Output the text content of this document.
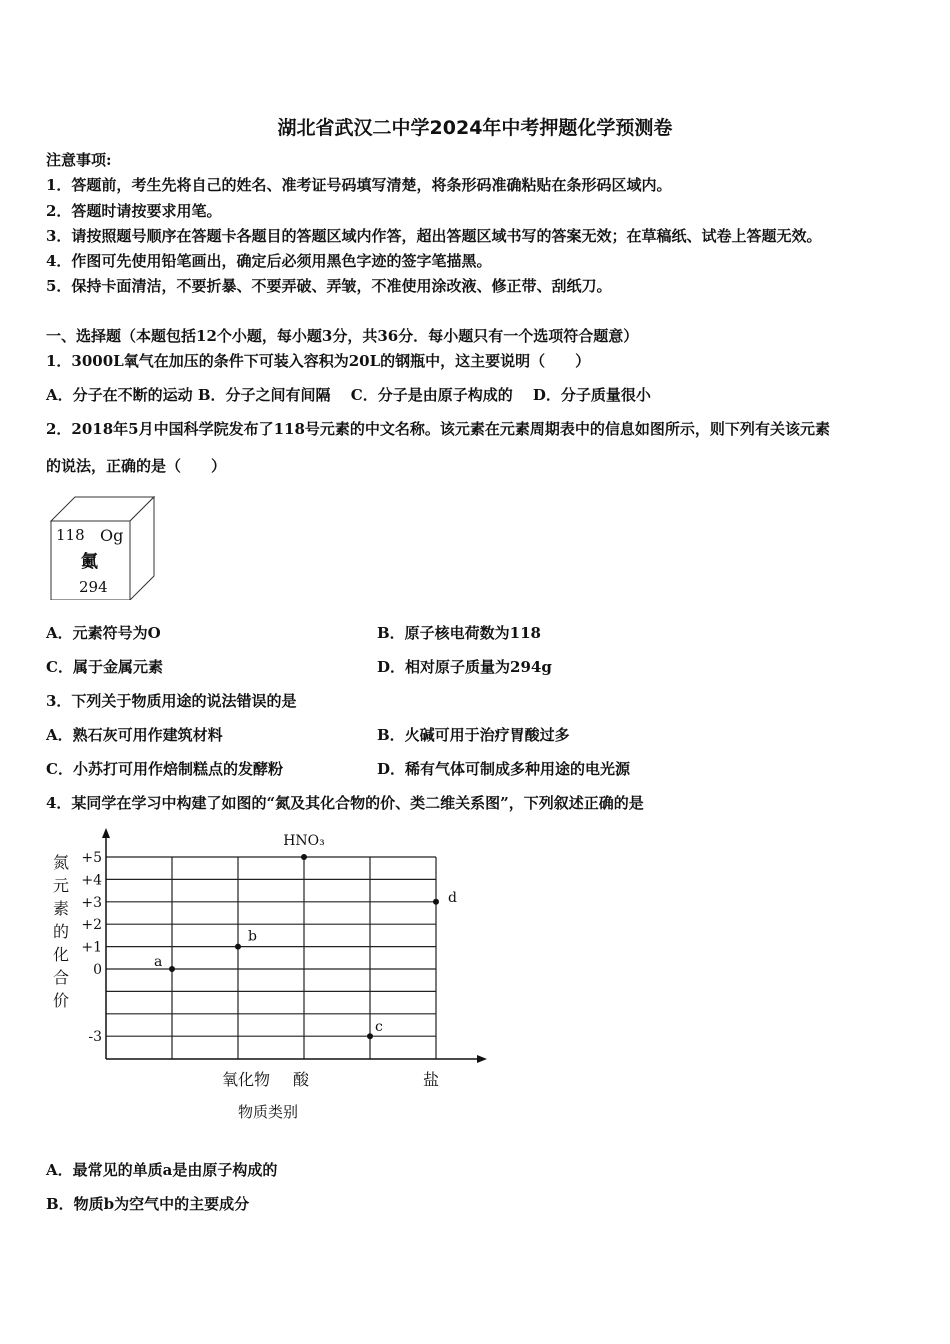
湖北省武汉二中学2024年中考押题化学预测卷
注意事项:
1．答题前，考生先将自己的姓名、准考证号码填写清楚，将条形码准确粘贴在条形码区域内。
2．答题时请按要求用笔。
3．请按照题号顺序在答题卡各题目的答题区域内作答，超出答题区域书写的答案无效；在草稿纸、试卷上答题无效。
4．作图可先使用铅笔画出，确定后必须用黑色字迹的签字笔描黑。
5．保持卡面清洁，不要折暴、不要弄破、弄皱，不准使用涂改液、修正带、刮纸刀。
一、选择题（本题包括12个小题，每小题3分，共36分．每小题只有一个选项符合题意）
1．3000L氧气在加压的条件下可装入容积为20L的钢瓶中，这主要说明（　　）
A．分子在不断的运动 B．分子之间有间隔　 C．分子是由原子构成的　 D．分子质量很小
2．2018年5月中国科学院发布了118号元素的中文名称。该元素在元素周期表中的信息如图所示，则下列有关该元素
的说法，正确的是（　　）
118 Og
鿫
294
A．元素符号为O	B．原子核电荷数为118
C．属于金属元素	D．相对原子质量为294g
3．下列关于物质用途的说法错误的是
A．熟石灰可用作建筑材料	B．火碱可用于治疗胃酸过多
C．小苏打可用作焙制糕点的发酵粉	D．稀有气体可制成多种用途的电光源
4．某同学在学习中构建了如图的“氮及其化合物的价、类二维关系图”，下列叙述正确的是
+5
+4
+3
+2
+1
0
-3
氮
元
素
的
化
合
价
氧化物 酸	盐
物质类别
a
b
HNO₃
c
d
A．最常见的单质a是由原子构成的
B．物质b为空气中的主要成分
